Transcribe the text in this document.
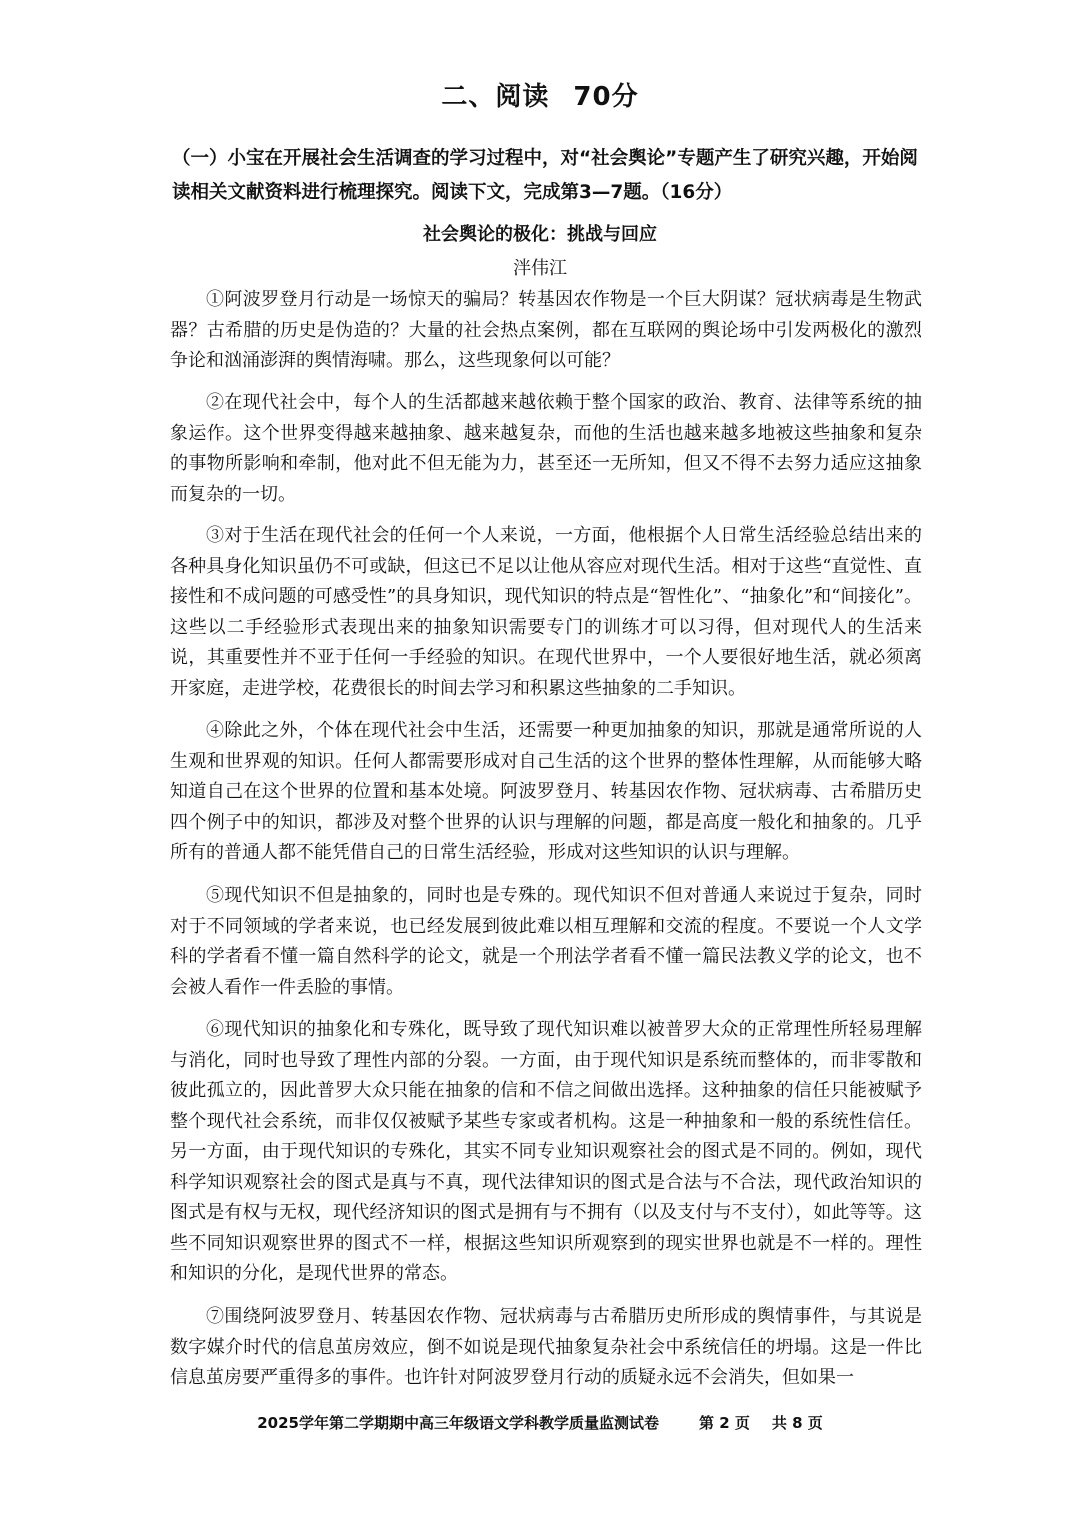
二、阅读 70分
（一）小宝在开展社会生活调查的学习过程中，对“社会舆论”专题产生了研究兴趣，开始阅读相关文献资料进行梳理探究。阅读下文，完成第3—7题。（16分）
社会舆论的极化：挑战与回应
泮伟江

①阿波罗登月行动是一场惊天的骗局？转基因农作物是一个巨大阴谋？冠状病毒是生物武器？古希腊的历史是伪造的？大量的社会热点案例，都在互联网的舆论场中引发两极化的激烈争论和汹涌澎湃的舆情海啸。那么，这些现象何以可能？

②在现代社会中，每个人的生活都越来越依赖于整个国家的政治、教育、法律等系统的抽象运作。这个世界变得越来越抽象、越来越复杂，而他的生活也越来越多地被这些抽象和复杂的事物所影响和牵制，他对此不但无能为力，甚至还一无所知，但又不得不去努力适应这抽象而复杂的一切。

③对于生活在现代社会的任何一个人来说，一方面，他根据个人日常生活经验总结出来的各种具身化知识虽仍不可或缺，但这已不足以让他从容应对现代生活。相对于这些“直觉性、直接性和不成问题的可感受性”的具身知识，现代知识的特点是“智性化”、“抽象化”和“间接化”。这些以二手经验形式表现出来的抽象知识需要专门的训练才可以习得，但对现代人的生活来说，其重要性并不亚于任何一手经验的知识。在现代世界中，一个人要很好地生活，就必须离开家庭，走进学校，花费很长的时间去学习和积累这些抽象的二手知识。

④除此之外，个体在现代社会中生活，还需要一种更加抽象的知识，那就是通常所说的人生观和世界观的知识。任何人都需要形成对自己生活的这个世界的整体性理解，从而能够大略知道自己在这个世界的位置和基本处境。阿波罗登月、转基因农作物、冠状病毒、古希腊历史四个例子中的知识，都涉及对整个世界的认识与理解的问题，都是高度一般化和抽象的。几乎所有的普通人都不能凭借自己的日常生活经验，形成对这些知识的认识与理解。

⑤现代知识不但是抽象的，同时也是专殊的。现代知识不但对普通人来说过于复杂，同时对于不同领域的学者来说，也已经发展到彼此难以相互理解和交流的程度。不要说一个人文学科的学者看不懂一篇自然科学的论文，就是一个刑法学者看不懂一篇民法教义学的论文，也不会被人看作一件丢脸的事情。

⑥现代知识的抽象化和专殊化，既导致了现代知识难以被普罗大众的正常理性所轻易理解与消化，同时也导致了理性内部的分裂。一方面，由于现代知识是系统而整体的，而非零散和彼此孤立的，因此普罗大众只能在抽象的信和不信之间做出选择。这种抽象的信任只能被赋予整个现代社会系统，而非仅仅被赋予某些专家或者机构。这是一种抽象和一般的系统性信任。另一方面，由于现代知识的专殊化，其实不同专业知识观察社会的图式是不同的。例如，现代科学知识观察社会的图式是真与不真，现代法律知识的图式是合法与不合法，现代政治知识的图式是有权与无权，现代经济知识的图式是拥有与不拥有（以及支付与不支付），如此等等。这些不同知识观察世界的图式不一样，根据这些知识所观察到的现实世界也就是不一样的。理性和知识的分化，是现代世界的常态。

⑦围绕阿波罗登月、转基因农作物、冠状病毒与古希腊历史所形成的舆情事件，与其说是数字媒介时代的信息茧房效应，倒不如说是现代抽象复杂社会中系统信任的坍塌。这是一件比信息茧房要严重得多的事件。也许针对阿波罗登月行动的质疑永远不会消失，但如果一

2025学年第二学期期中高三年级语文学科教学质量监测试卷	第 2 页 共 8 页
